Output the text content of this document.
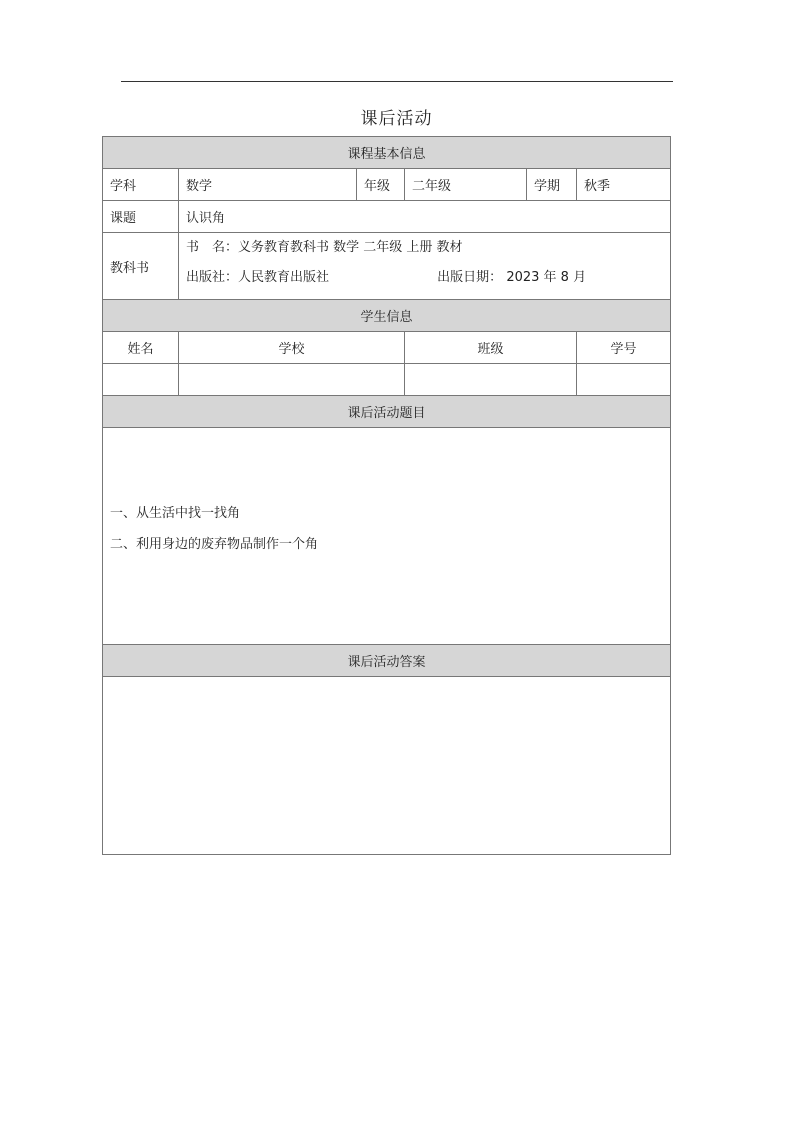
课后活动
课程基本信息					
学科	数学	年级	二年级	学期	秋季
课题	认识角				
教科书	书　名：义务教育教科书 数学 二年级 上册 教材
出版社：人民教育出版社 出版日期： 2023 年 8 月				

学生信息					
姓名	学校		班级		学号

课后活动题目					

一、从生活中找一找角
二、利用身边的废弃物品制作一个角					

课后活动答案					
